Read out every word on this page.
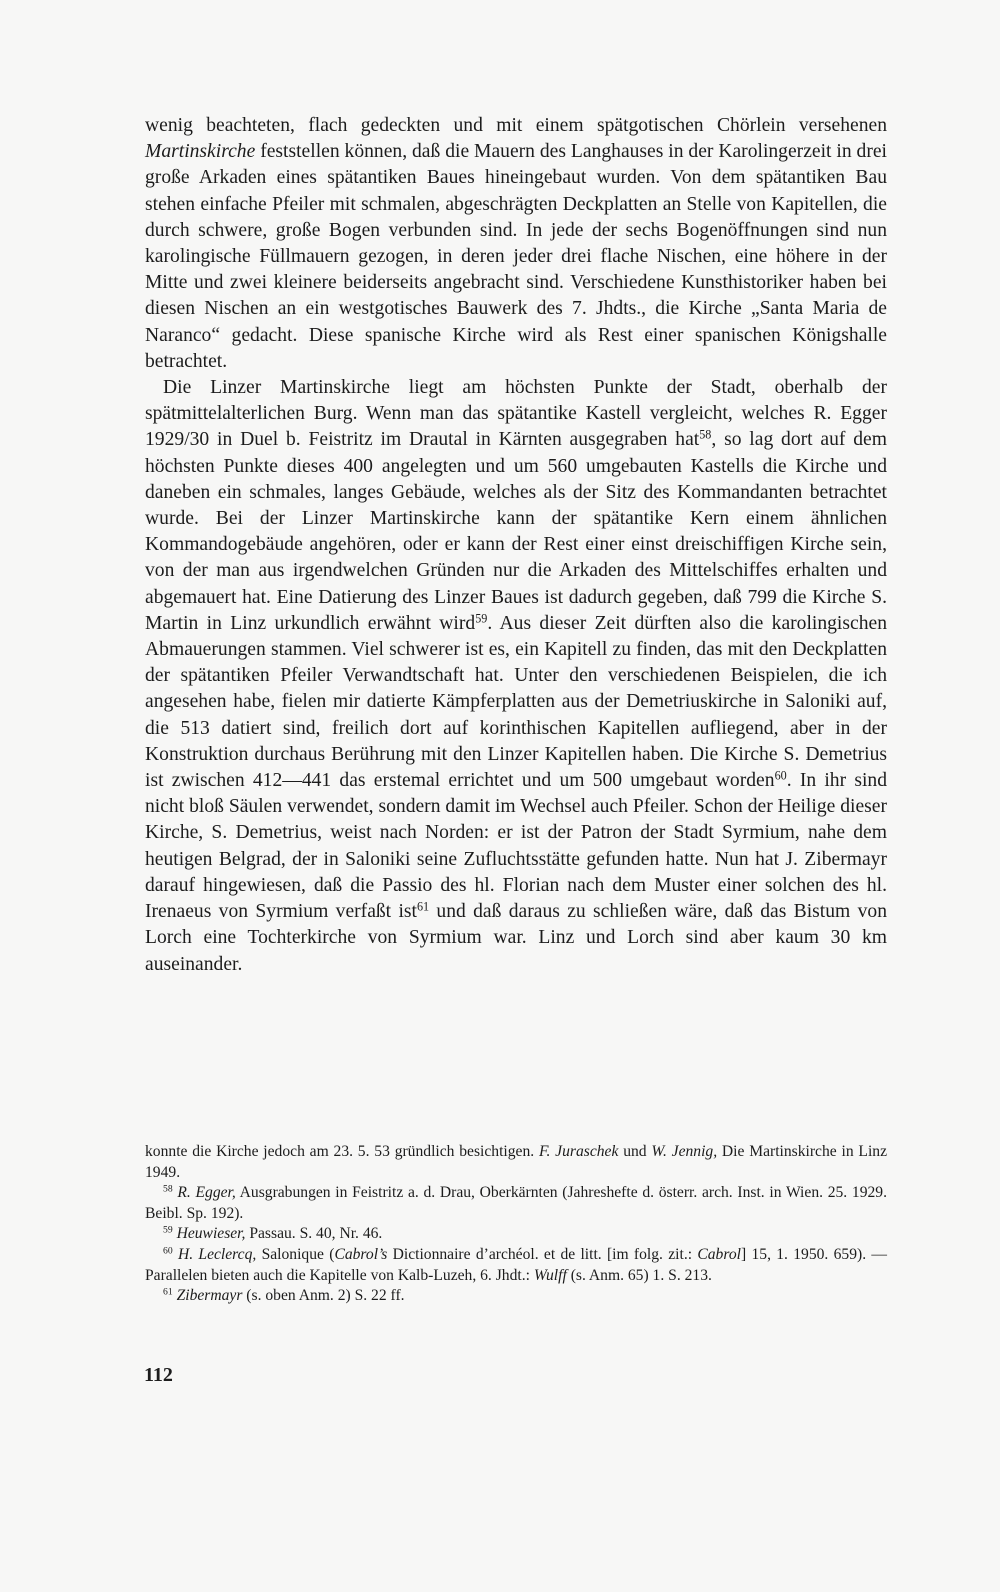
wenig beachteten, flach gedeckten und mit einem spätgotischen Chörlein versehenen Martinskirche feststellen können, daß die Mauern des Langhauses in der Karolingerzeit in drei große Arkaden eines spätantiken Baues hineingebaut wurden. Von dem spätantiken Bau stehen einfache Pfeiler mit schmalen, abgeschrägten Deckplatten an Stelle von Kapitellen, die durch schwere, große Bogen verbunden sind. In jede der sechs Bogenöffnungen sind nun karolingische Füllmauern gezogen, in deren jeder drei flache Nischen, eine höhere in der Mitte und zwei kleinere beiderseits angebracht sind. Verschiedene Kunsthistoriker haben bei diesen Nischen an ein westgotisches Bauwerk des 7. Jhdts., die Kirche „Santa Maria de Naranco“ gedacht. Diese spanische Kirche wird als Rest einer spanischen Königshalle betrachtet.

Die Linzer Martinskirche liegt am höchsten Punkte der Stadt, oberhalb der spätmittelalterlichen Burg. Wenn man das spätantike Kastell vergleicht, welches R. Egger 1929/30 in Duel b. Feistritz im Drautal in Kärnten ausgegraben hat$^{58}$, so lag dort auf dem höchsten Punkte dieses 400 angelegten und um 560 umgebauten Kastells die Kirche und daneben ein schmales, langes Gebäude, welches als der Sitz des Kommandanten betrachtet wurde. Bei der Linzer Martinskirche kann der spätantike Kern einem ähnlichen Kommandogebäude angehören, oder er kann der Rest einer einst dreischiffigen Kirche sein, von der man aus irgendwelchen Gründen nur die Arkaden des Mittelschiffes erhalten und abgemauert hat. Eine Datierung des Linzer Baues ist dadurch gegeben, daß 799 die Kirche S. Martin in Linz urkundlich erwähnt wird$^{59}$. Aus dieser Zeit dürften also die karolingischen Abmauerungen stammen. Viel schwerer ist es, ein Kapitell zu finden, das mit den Deckplatten der spätantiken Pfeiler Verwandtschaft hat. Unter den verschiedenen Beispielen, die ich angesehen habe, fielen mir datierte Kämpferplatten aus der Demetriuskirche in Saloniki auf, die 513 datiert sind, freilich dort auf korinthischen Kapitellen aufliegend, aber in der Konstruktion durchaus Berührung mit den Linzer Kapitellen haben. Die Kirche S. Demetrius ist zwischen 412—441 das erstemal errichtet und um 500 umgebaut worden$^{60}$. In ihr sind nicht bloß Säulen verwendet, sondern damit im Wechsel auch Pfeiler. Schon der Heilige dieser Kirche, S. Demetrius, weist nach Norden: er ist der Patron der Stadt Syrmium, nahe dem heutigen Belgrad, der in Saloniki seine Zufluchtsstätte gefunden hatte. Nun hat J. Zibermayr darauf hingewiesen, daß die Passio des hl. Florian nach dem Muster einer solchen des hl. Irenaeus von Syrmium verfaßt ist$^{61}$ und daß daraus zu schließen wäre, daß das Bistum von Lorch eine Tochterkirche von Syrmium war. Linz und Lorch sind aber kaum 30 km auseinander.

konnte die Kirche jedoch am 23. 5. 53 gründlich besichtigen. F. Juraschek und W. Jennig, Die Martinskirche in Linz 1949.

$^{58}$ R. Egger, Ausgrabungen in Feistritz a. d. Drau, Oberkärnten (Jahreshefte d. österr. arch. Inst. in Wien. 25. 1929. Beibl. Sp. 192).

$^{59}$ Heuwieser, Passau. S. 40, Nr. 46.

$^{60}$ H. Leclercq, Salonique (Cabrol’s Dictionnaire d’archéol. et de litt. [im folg. zit.: Cabrol] 15, 1. 1950. 659). — Parallelen bieten auch die Kapitelle von Kalb-Luzeh, 6. Jhdt.: Wulff (s. Anm. 65) 1. S. 213.

$^{61}$ Zibermayr (s. oben Anm. 2) S. 22 ff.

112
